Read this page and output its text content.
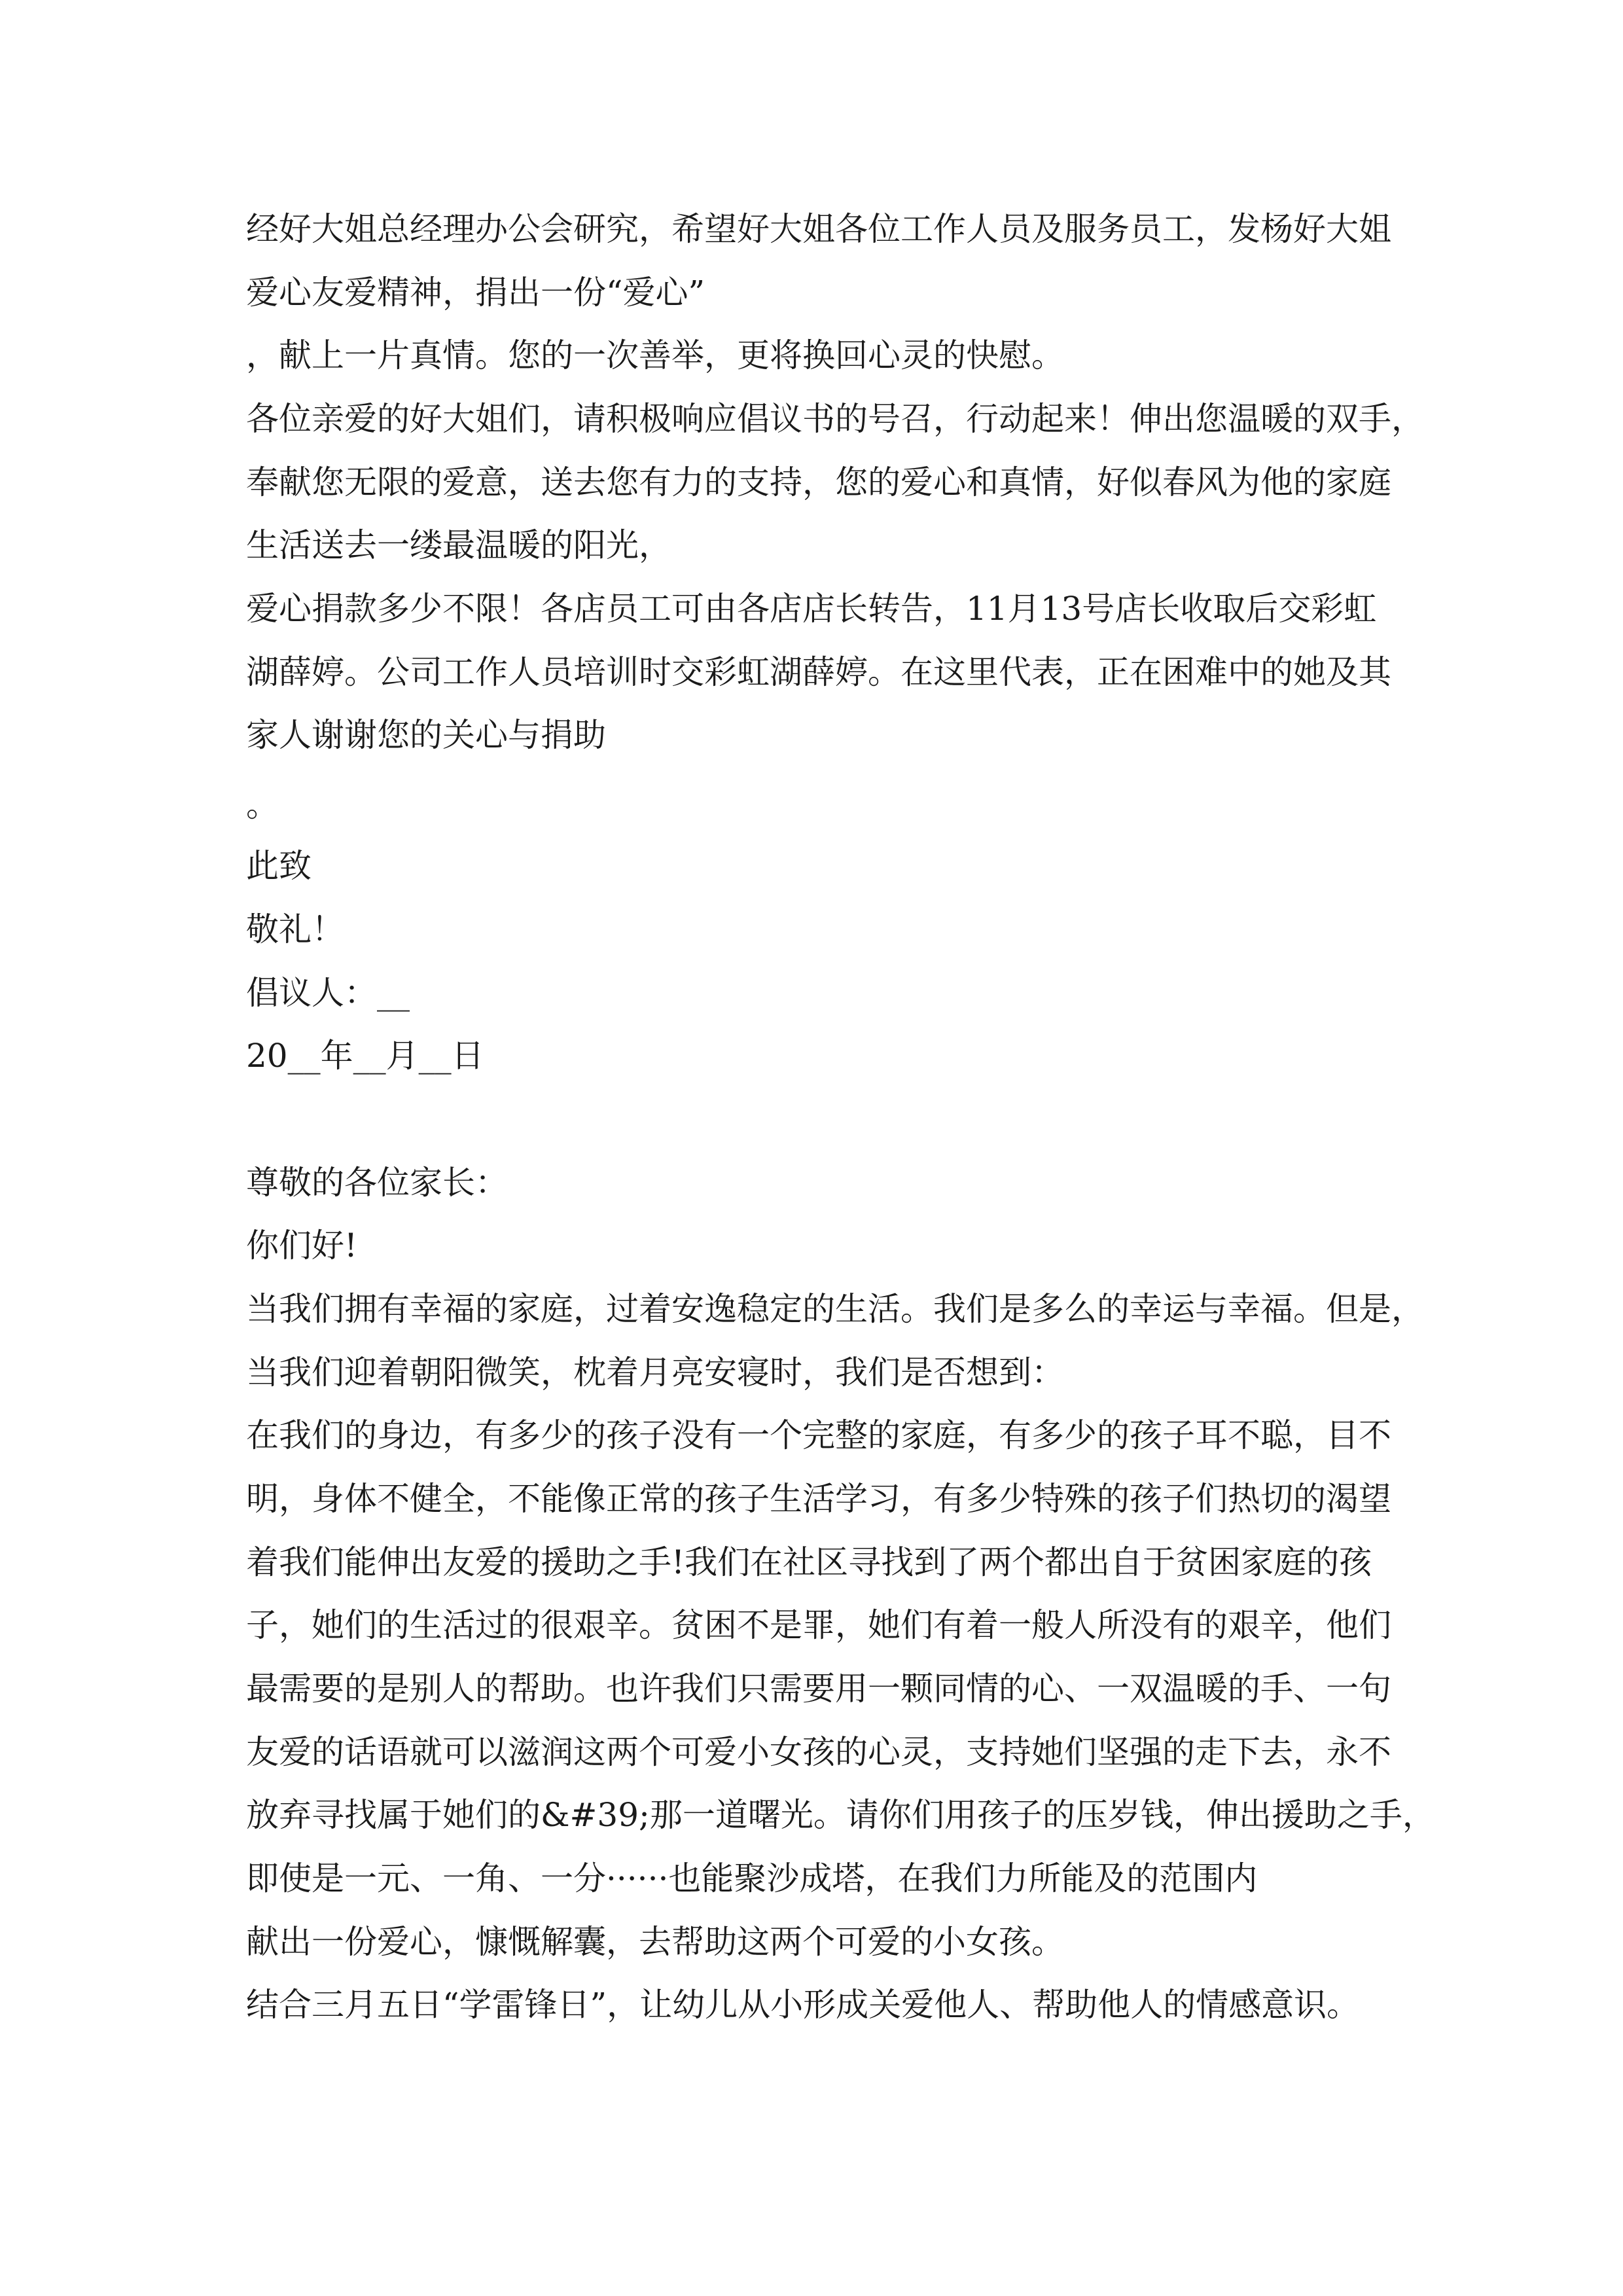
经好大姐总经理办公会研究，希望好大姐各位工作人员及服务员工，发杨好大姐

爱心友爱精神，捐出一份“爱心”

，献上一片真情。您的一次善举，更将换回心灵的快慰。

各位亲爱的好大姐们，请积极响应倡议书的号召，行动起来！伸出您温暖的双手，

奉献您无限的爱意，送去您有力的支持，您的爱心和真情，好似春风为他的家庭

生活送去一缕最温暖的阳光，

爱心捐款多少不限！各店员工可由各店店长转告，11月13号店长收取后交彩虹

湖薛婷。公司工作人员培训时交彩虹湖薛婷。在这里代表，正在困难中的她及其

家人谢谢您的关心与捐助

。

此致

敬礼！

倡议人：__

20__年__月__日

尊敬的各位家长：

你们好!

当我们拥有幸福的家庭，过着安逸稳定的生活。我们是多么的幸运与幸福。但是，

当我们迎着朝阳微笑，枕着月亮安寝时，我们是否想到：

在我们的身边，有多少的孩子没有一个完整的家庭，有多少的孩子耳不聪，目不

明，身体不健全，不能像正常的孩子生活学习，有多少特殊的孩子们热切的渴望

着我们能伸出友爱的援助之手!我们在社区寻找到了两个都出自于贫困家庭的孩

子，她们的生活过的很艰辛。贫困不是罪，她们有着一般人所没有的艰辛，他们

最需要的是别人的帮助。也许我们只需要用一颗同情的心、一双温暖的手、一句

友爱的话语就可以滋润这两个可爱小女孩的心灵，支持她们坚强的走下去，永不

放弃寻找属于她们的&#39;那一道曙光。请你们用孩子的压岁钱，伸出援助之手，

即使是一元、一角、一分······也能聚沙成塔，在我们力所能及的范围内

献出一份爱心，慷慨解囊，去帮助这两个可爱的小女孩。

结合三月五日“学雷锋日”，让幼儿从小形成关爱他人、帮助他人的情感意识。
